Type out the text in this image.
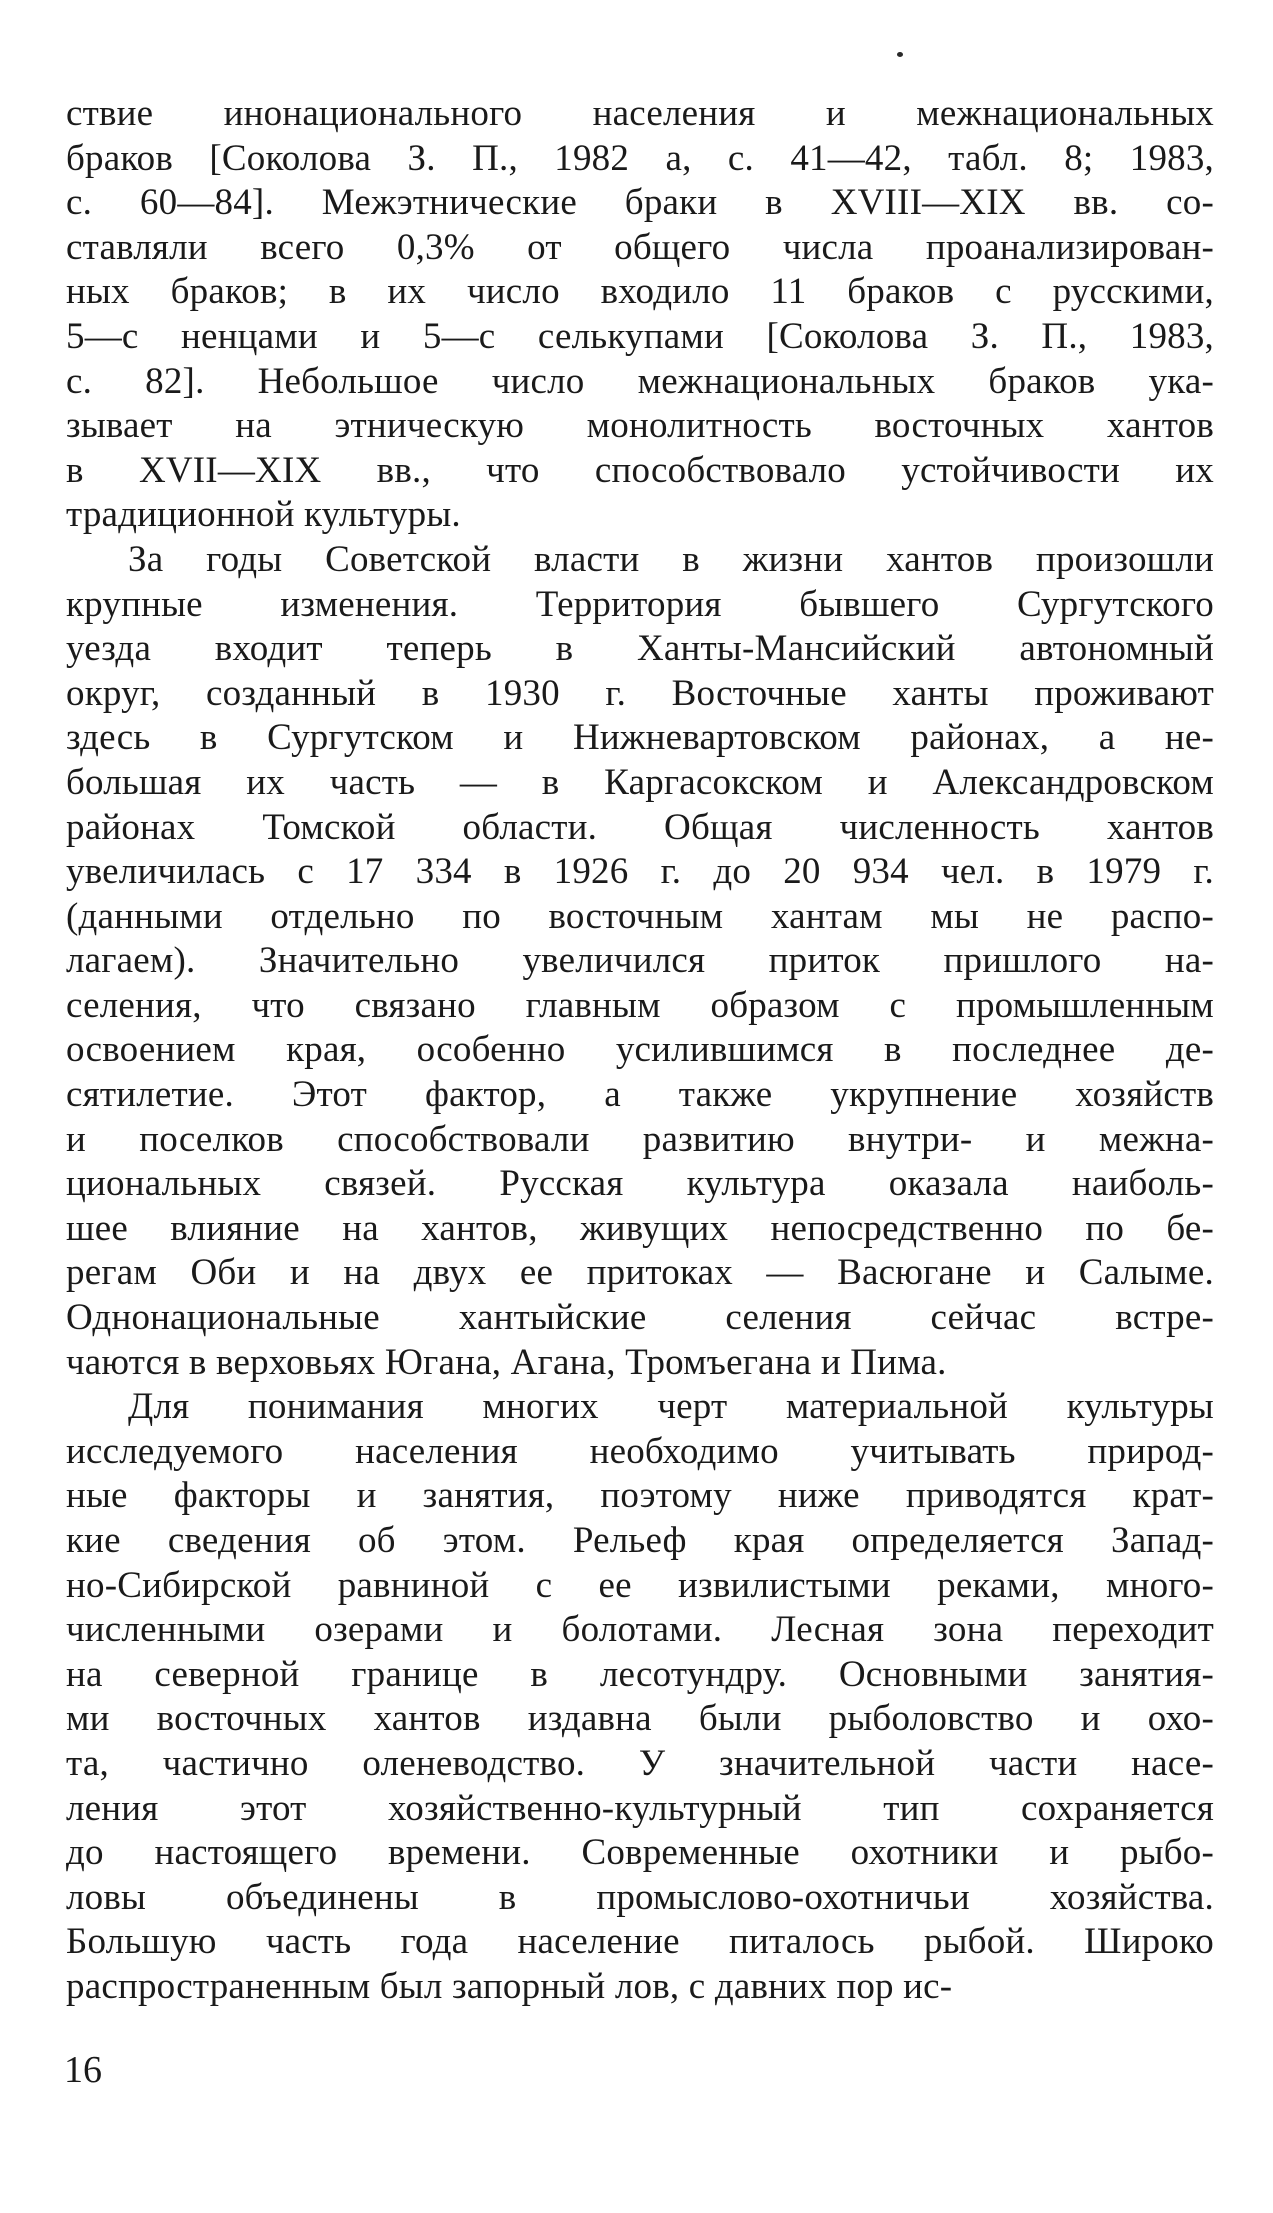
ствие инонационального населения и межнациональных
браков [Соколова З. П., 1982 а, с. 41—42, табл. 8; 1983,
с. 60—84]. Межэтнические браки в XVIII—XIX вв. со-
ставляли всего 0,3% от общего числа проанализирован-
ных браков; в их число входило 11 браков с русскими,
5—с ненцами и 5—с селькупами [Соколова З. П., 1983,
с. 82]. Небольшое число межнациональных браков ука-
зывает на этническую монолитность восточных хантов
в XVII—XIX вв., что способствовало устойчивости их
традиционной культуры.
За годы Советской власти в жизни хантов произошли
крупные изменения. Территория бывшего Сургутского
уезда входит теперь в Ханты-Мансийский автономный
округ, созданный в 1930 г. Восточные ханты проживают
здесь в Сургутском и Нижневартовском районах, а не-
большая их часть — в Каргасокском и Александровском
районах Томской области. Общая численность хантов
увеличилась с 17 334 в 1926 г. до 20 934 чел. в 1979 г.
(данными отдельно по восточным хантам мы не распо-
лагаем). Значительно увеличился приток пришлого на-
селения, что связано главным образом с промышленным
освоением края, особенно усилившимся в последнее де-
сятилетие. Этот фактор, а также укрупнение хозяйств
и поселков способствовали развитию внутри- и межна-
циональных связей. Русская культура оказала наиболь-
шее влияние на хантов, живущих непосредственно по бе-
регам Оби и на двух ее притоках — Васюгане и Салыме.
Однонациональные хантыйские селения сейчас встре-
чаются в верховьях Югана, Агана, Тромъегана и Пима.
Для понимания многих черт материальной культуры
исследуемого населения необходимо учитывать природ-
ные факторы и занятия, поэтому ниже приводятся крат-
кие сведения об этом. Рельеф края определяется Запад-
но-Сибирской равниной с ее извилистыми реками, много-
численными озерами и болотами. Лесная зона переходит
на северной границе в лесотундру. Основными занятия-
ми восточных хантов издавна были рыболовство и охо-
та, частично оленеводство. У значительной части насе-
ления этот хозяйственно-культурный тип сохраняется
до настоящего времени. Современные охотники и рыбо-
ловы объединены в промыслово-охотничьи хозяйства.
Большую часть года население питалось рыбой. Широко
распространенным был запорный лов, с давних пор ис-
16
